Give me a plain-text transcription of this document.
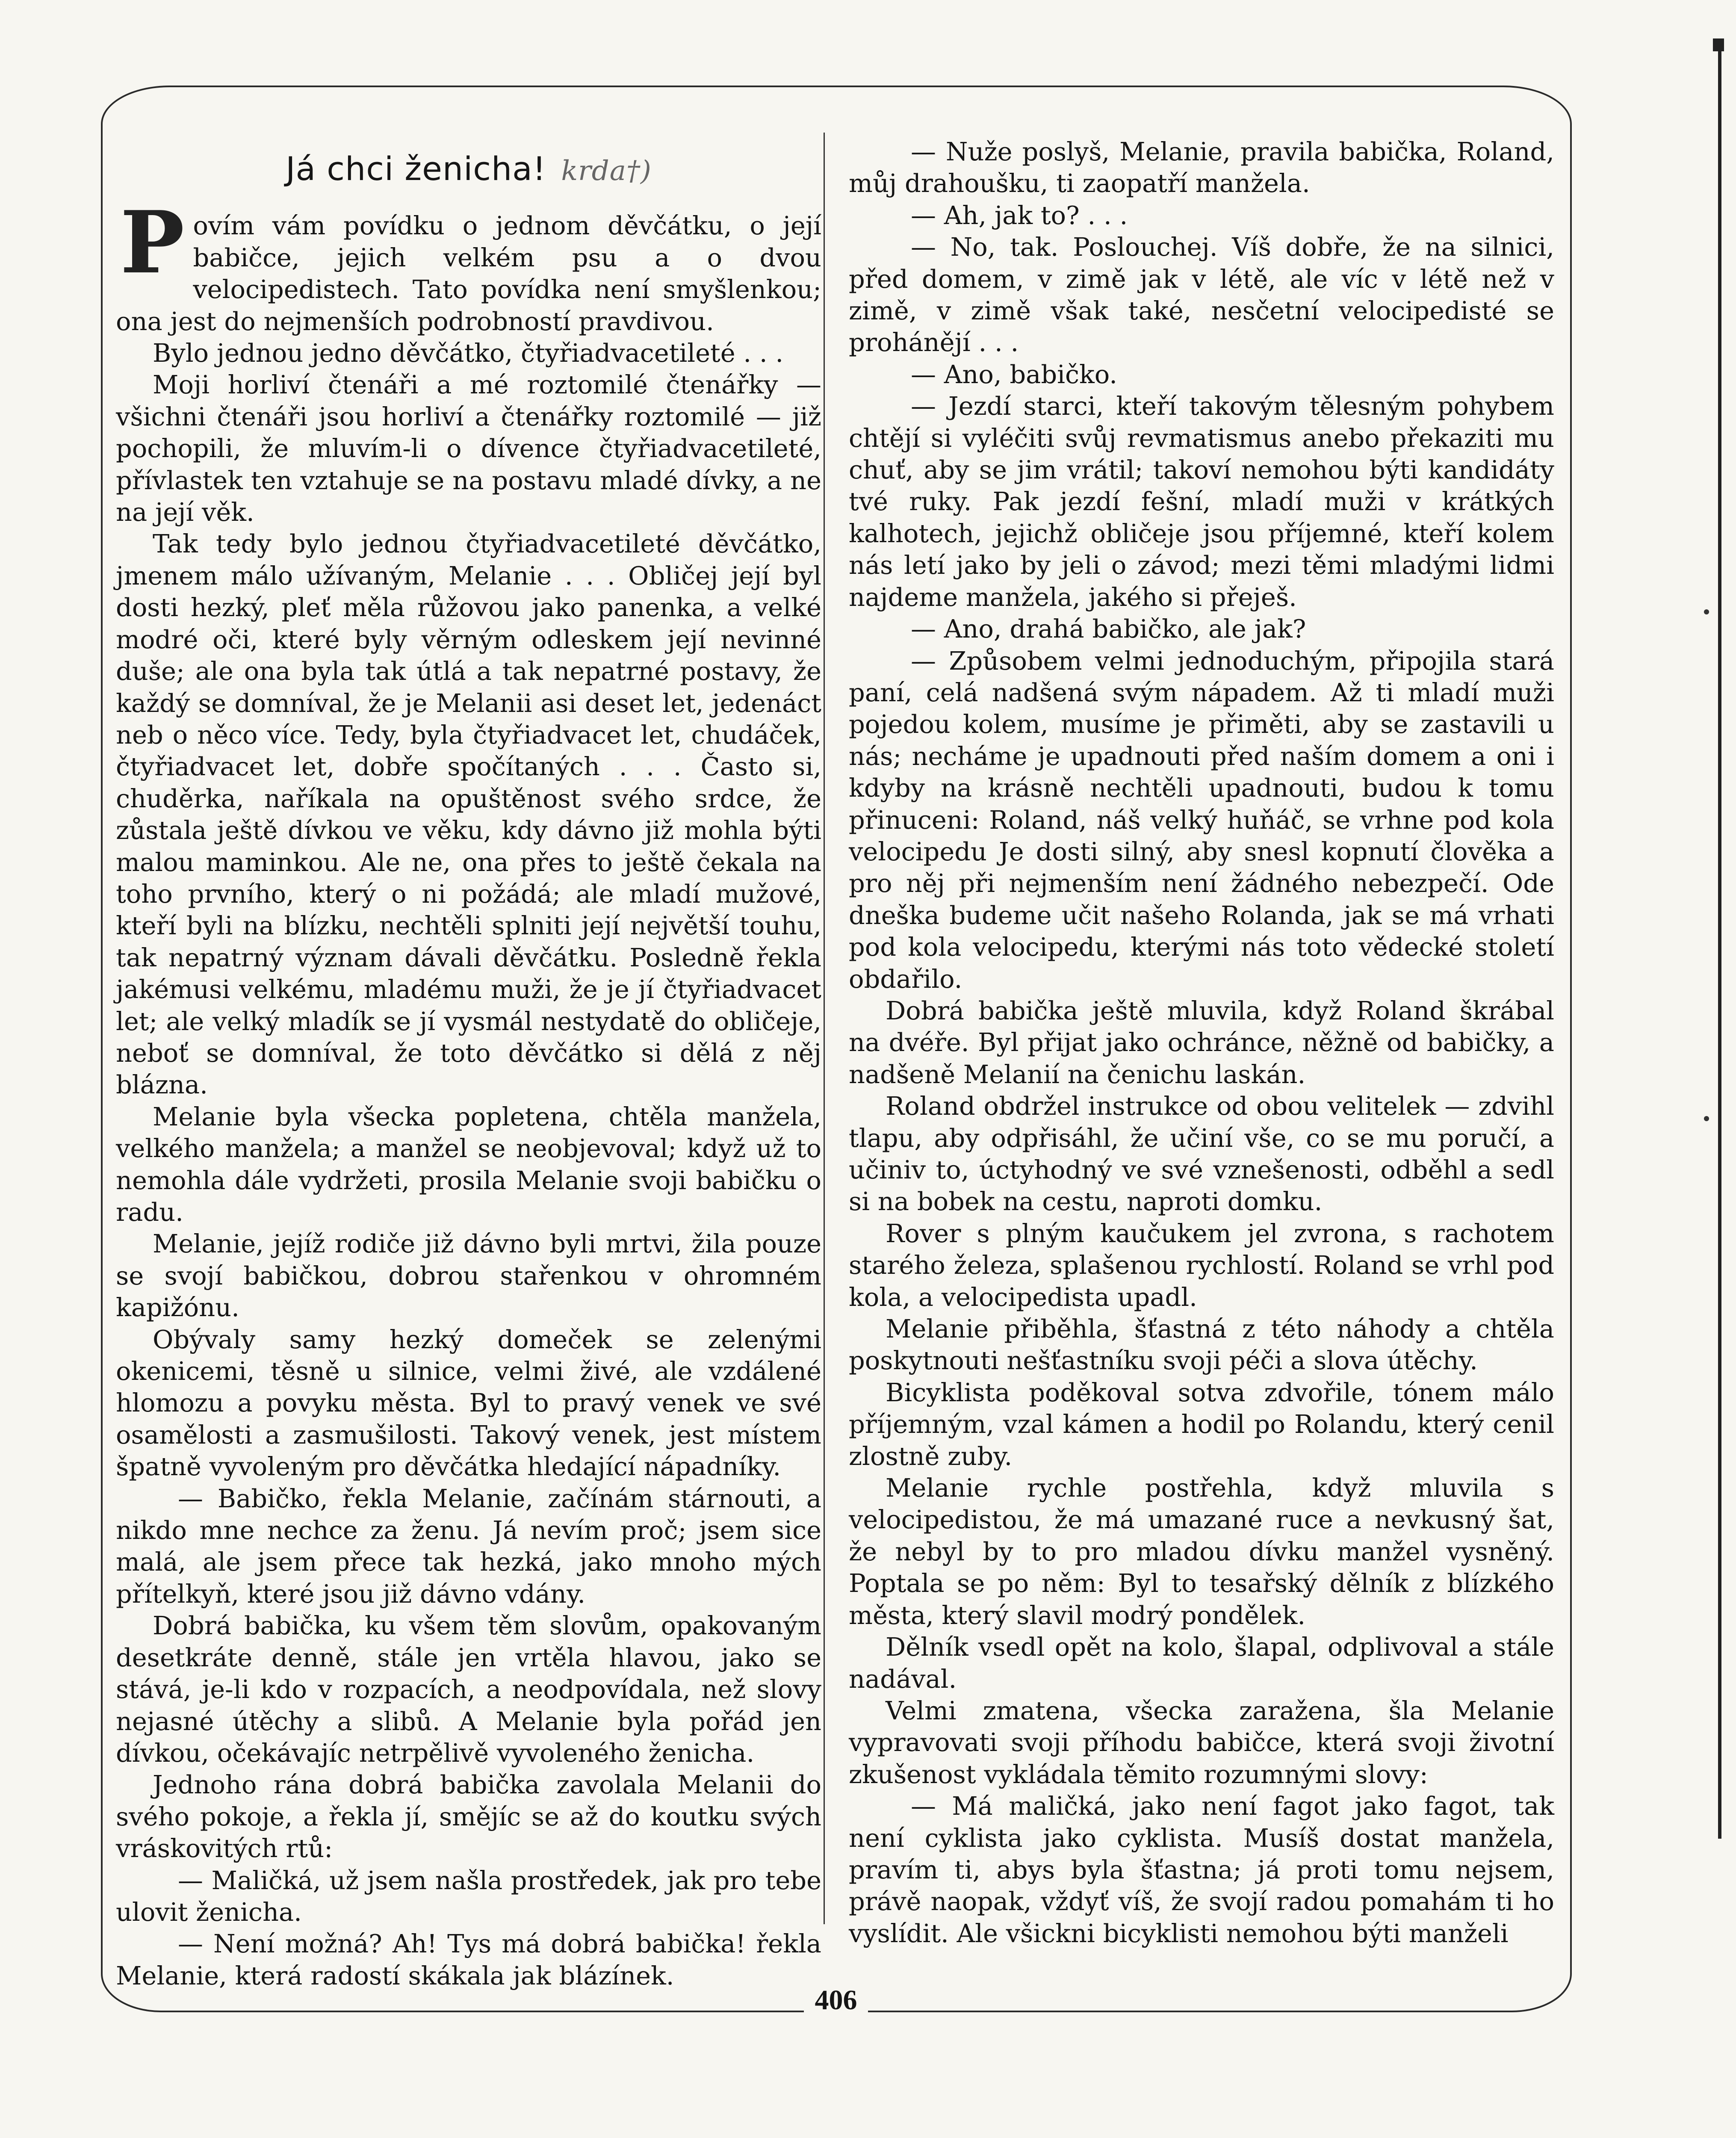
Já chci ženicha! krda†)
P ovím vám povídku o jednom děvčátku, o její babičce, jejich velkém psu a o dvou velocipedistech. Tato povídka není smyšlenkou; ona jest do nejmenších podrobností pravdivou.

Bylo jednou jedno děvčátko, čtyřiadvacetileté . . .

Moji horliví čtenáři a mé roztomilé čtenářky — všichni čtenáři jsou horliví a čtenářky roztomilé — již pochopili, že mluvím-li o dívence čtyřiadvacetileté, přívlastek ten vztahuje se na postavu mladé dívky, a ne na její věk.

Tak tedy bylo jednou čtyřiadvacetileté děvčátko, jmenem málo užívaným, Melanie . . . Obličej její byl dosti hezký, pleť měla růžovou jako panenka, a velké modré oči, které byly věrným odleskem její nevinné duše; ale ona byla tak útlá a tak nepatrné postavy, že každý se domníval, že je Melanii asi deset let, jedenáct neb o něco více. Tedy, byla čtyřiadvacet let, chudáček, čtyřiadvacet let, dobře spočítaných . . . Často si, chuděrka, naříkala na opuštěnost svého srdce, že zůstala ještě dívkou ve věku, kdy dávno již mohla býti malou maminkou. Ale ne, ona přes to ještě čekala na toho prvního, který o ni požádá; ale mladí mužové, kteří byli na blízku, nechtěli splniti její největší touhu, tak nepatrný význam dávali děvčátku. Posledně řekla jakémusi velkému, mladému muži, že je jí čtyřiadvacet let; ale velký mladík se jí vysmál nestydatě do obličeje, neboť se domníval, že toto děvčátko si dělá z něj blázna.

Melanie byla všecka popletena, chtěla manžela, velkého manžela; a manžel se neobjevoval; když už to nemohla dále vydržeti, prosila Melanie svoji babičku o radu.

Melanie, jejíž rodiče již dávno byli mrtvi, žila pouze se svojí babičkou, dobrou stařenkou v ohromném kapižónu.

Obývaly samy hezký domeček se zelenými okenicemi, těsně u silnice, velmi živé, ale vzdálené hlomozu a povyku města. Byl to pravý venek ve své osamělosti a zasmušilosti. Takový venek, jest místem špatně vyvoleným pro děvčátka hledající nápadníky.

— Babičko, řekla Melanie, začínám stárnouti, a nikdo mne nechce za ženu. Já nevím proč; jsem sice malá, ale jsem přece tak hezká, jako mnoho mých přítelkyň, které jsou již dávno vdány.

Dobrá babička, ku všem těm slovům, opakovaným desetkráte denně, stále jen vrtěla hlavou, jako se stává, je-li kdo v rozpacích, a neodpovídala, než slovy nejasné útěchy a slibů. A Melanie byla pořád jen dívkou, očekávajíc netrpělivě vyvoleného ženicha.

Jednoho rána dobrá babička zavolala Melanii do svého pokoje, a řekla jí, smějíc se až do koutku svých vráskovitých rtů:

— Maličká, už jsem našla prostředek, jak pro tebe ulovit ženicha.

— Není možná? Ah! Tys má dobrá babička! řekla Melanie, která radostí skákala jak blázínek.

— Nuže poslyš, Melanie, pravila babička, Roland, můj drahoušku, ti zaopatří manžela.

— Ah, jak to? . . .

— No, tak. Poslouchej. Víš dobře, že na silnici, před domem, v zimě jak v létě, ale víc v létě než v zimě, v zimě však také, nesčetní velocipedisté se prohánějí . . .

— Ano, babičko.

— Jezdí starci, kteří takovým tělesným pohybem chtějí si vyléčiti svůj revmatismus anebo překaziti mu chuť, aby se jim vrátil; takoví nemohou býti kandidáty tvé ruky. Pak jezdí fešní, mladí muži v krátkých kalhotech, jejichž obličeje jsou příjemné, kteří kolem nás letí jako by jeli o závod; mezi těmi mladými lidmi najdeme manžela, jakého si přeješ.

— Ano, drahá babičko, ale jak?

— Způsobem velmi jednoduchým, připojila stará paní, celá nadšená svým nápadem. Až ti mladí muži pojedou kolem, musíme je přiměti, aby se zastavili u nás; necháme je upadnouti před naším domem a oni i kdyby na krásně nechtěli upadnouti, budou k tomu přinuceni: Roland, náš velký huňáč, se vrhne pod kola velocipedu Je dosti silný, aby snesl kopnutí člověka a pro něj při nejmenším není žádného nebezpečí. Ode dneška budeme učit našeho Rolanda, jak se má vrhati pod kola velocipedu, kterými nás toto vědecké století obdařilo.

Dobrá babička ještě mluvila, když Roland škrábal na dvéře. Byl přijat jako ochránce, něžně od babičky, a nadšeně Melanií na čenichu laskán.

Roland obdržel instrukce od obou velitelek — zdvihl tlapu, aby odpřisáhl, že učiní vše, co se mu poručí, a učiniv to, úctyhodný ve své vznešenosti, odběhl a sedl si na bobek na cestu, naproti domku.

Rover s plným kaučukem jel zvrona, s rachotem starého železa, splašenou rychlostí. Roland se vrhl pod kola, a velocipedista upadl.

Melanie přiběhla, šťastná z této náhody a chtěla poskytnouti nešťastníku svoji péči a slova útěchy.

Bicyklista poděkoval sotva zdvořile, tónem málo příjemným, vzal kámen a hodil po Rolandu, který cenil zlostně zuby.

Melanie rychle postřehla, když mluvila s velocipedistou, že má umazané ruce a nevkusný šat, že nebyl by to pro mladou dívku manžel vysněný. Poptala se po něm: Byl to tesařský dělník z blízkého města, který slavil modrý pondělek.

Dělník vsedl opět na kolo, šlapal, odplivoval a stále nadával.

Velmi zmatena, všecka zaražena, šla Melanie vypravovati svoji příhodu babičce, která svoji životní zkušenost vykládala těmito rozumnými slovy:

— Má maličká, jako není fagot jako fagot, tak není cyklista jako cyklista. Musíš dostat manžela, pravím ti, abys byla šťastna; já proti tomu nejsem, právě naopak, vždyť víš, že svojí radou pomahám ti ho vyslídit. Ale všickni bicyklisti nemohou býti manželi

406
